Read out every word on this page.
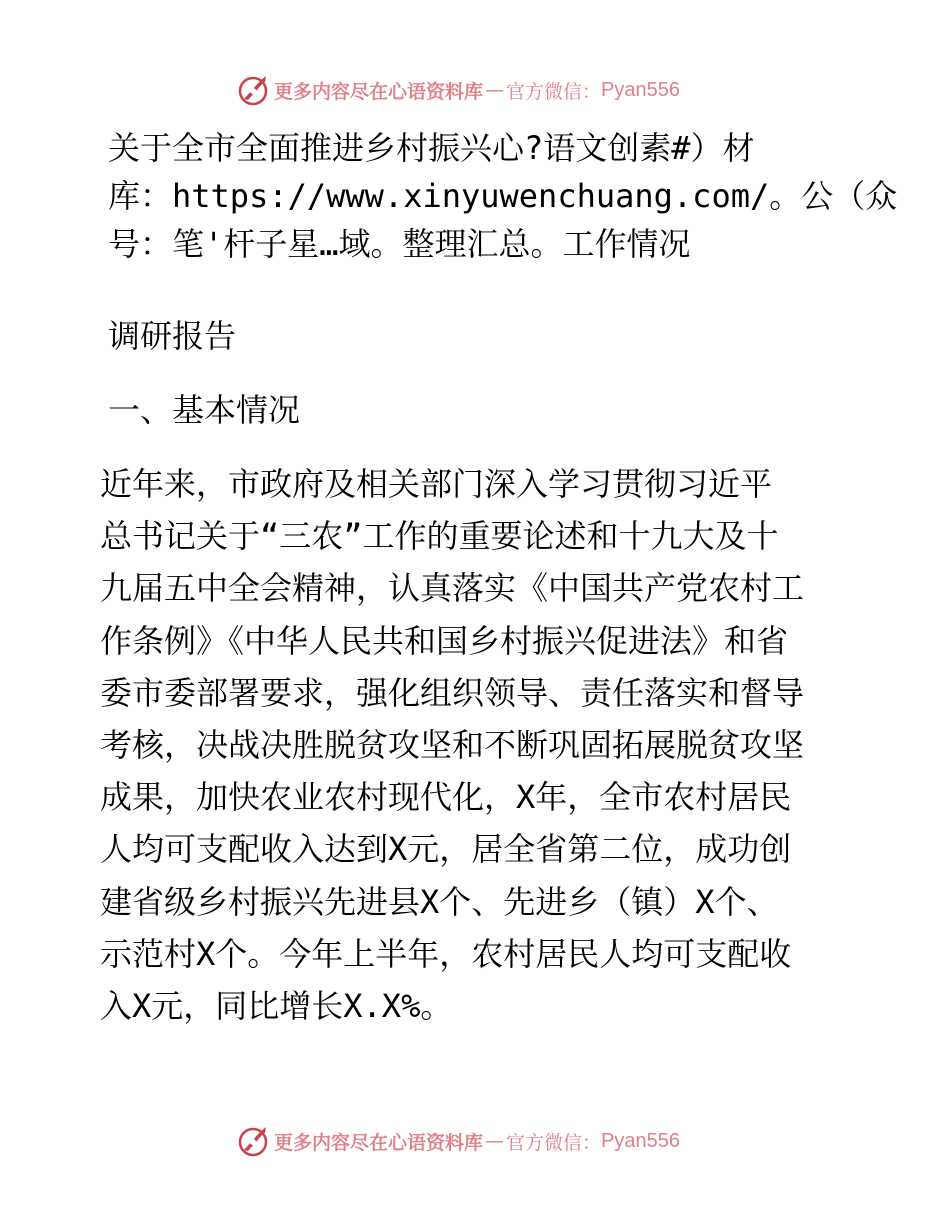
更多内容尽在心语资料库 — 官方微信： Pyan556

关于全市全面推进乡村振兴心?语文创素#）材
库：https://www.xinyuwenchuang.com/。公（众
号：笔'杆子星…域。整理汇总。工作情况

调研报告

一、基本情况

近年来，市政府及相关部门深入学习贯彻习近平
总书记关于“三农”工作的重要论述和十九大及十
九届五中全会精神，认真落实《中国共产党农村工
作条例》《中华人民共和国乡村振兴促进法》和省
委市委部署要求，强化组织领导、责任落实和督导
考核，决战决胜脱贫攻坚和不断巩固拓展脱贫攻坚
成果，加快农业农村现代化，X年，全市农村居民
人均可支配收入达到X元，居全省第二位，成功创
建省级乡村振兴先进县X个、先进乡（镇）X个、
示范村X个。今年上半年，农村居民人均可支配收
入X元，同比增长X.X%。

更多内容尽在心语资料库 — 官方微信： Pyan556
